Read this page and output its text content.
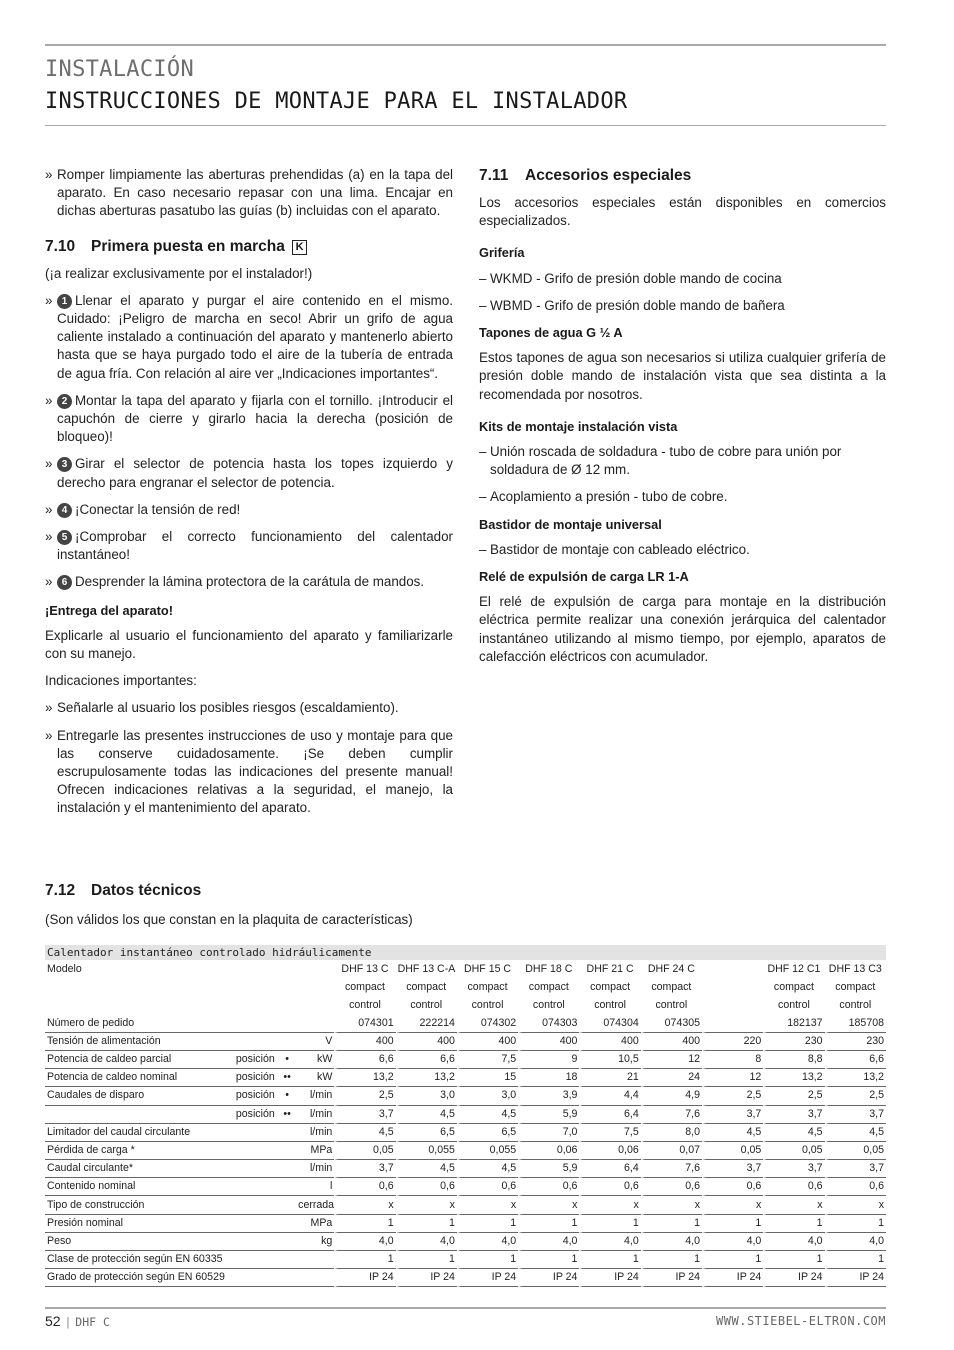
INSTALACIÓN
INSTRUCCIONES DE MONTAJE PARA EL INSTALADOR
» Romper limpiamente las aberturas prehendidas (a) en la tapa del aparato. En caso necesario repasar con una lima. Encajar en dichas aberturas pasatubo las guías (b) incluidas con el aparato.
7.10 Primera puesta en marcha K

(¡a realizar exclusivamente por el instalador!)

» 1 Llenar el aparato y purgar el aire contenido en el mismo. Cuidado: ¡Peligro de marcha en seco! Abrir un grifo de agua caliente instalado a continuación del aparato y mantenerlo abierto hasta que se haya purgado todo el aire de la tubería de entrada de agua fría. Con relación al aire ver „Indicaciones importantes“.
» 2 Montar la tapa del aparato y fijarla con el tornillo. ¡Introducir el capuchón de cierre y girarlo hacia la derecha (posición de bloqueo)!
» 3 Girar el selector de potencia hasta los topes izquierdo y derecho para engranar el selector de potencia.
» 4 ¡Conectar la tensión de red!
» 5 ¡Comprobar el correcto funcionamiento del calentador instantáneo!
» 6 Desprender la lámina protectora de la carátula de mandos.
¡Entrega del aparato!

Explicarle al usuario el funcionamiento del aparato y familiarizarle con su manejo.

Indicaciones importantes:

» Señalarle al usuario los posibles riesgos (escaldamiento).
» Entregarle las presentes instrucciones de uso y montaje para que las conserve cuidadosamente. ¡Se deben cumplir escrupulosamente todas las indicaciones del presente manual! Ofrecen indicaciones relativas a la seguridad, el manejo, la instalación y el mantenimiento del aparato.
7.11 Accesorios especiales

Los accesorios especiales están disponibles en comercios especializados.

Grifería
– WKMD - Grifo de presión doble mando de cocina
– WBMD - Grifo de presión doble mando de bañera
Tapones de agua G ½ A

Estos tapones de agua son necesarios si utiliza cualquier grifería de presión doble mando de instalación vista que sea distinta a la recomendada por nosotros.

Kits de montaje instalación vista
– Unión roscada de soldadura - tubo de cobre para unión por soldadura de Ø 12 mm.
– Acoplamiento a presión - tubo de cobre.
Bastidor de montaje universal
– Bastidor de montaje con cableado eléctrico.
Relé de expulsión de carga LR 1-A

El relé de expulsión de carga para montaje en la distribución eléctrica permite realizar una conexión jerárquica del calentador instantáneo utilizando al mismo tiempo, por ejemplo, aparatos de calefacción eléctricos con acumulador.

7.12 Datos técnicos
(Son válidos los que constan en la plaquita de características)
Calentador instantáneo controlado hidráulicamente												
Modelo				DHF 13 C	DHF 13 C-A	DHF 15 C	DHF 18 C	DHF 21 C	DHF 24 C		DHF 12 C1	DHF 13 C3
				compact	compact	compact	compact	compact	compact		compact	compact
				control	control	control	control	control	control		control	control
Número de pedido				074301	222214	074302	074303	074304	074305		182137	185708
Tensión de alimentación			V	400	400	400	400	400	400	220	230	230
Potencia de caldeo parcial	posición	•	kW	6,6	6,6	7,5	9	10,5	12	8	8,8	6,6
Potencia de caldeo nominal	posición	••	kW	13,2	13,2	15	18	21	24	12	13,2	13,2
Caudales de disparo	posición	•	l/min	2,5	3,0	3,0	3,9	4,4	4,9	2,5	2,5	2,5
	posición	••	l/min	3,7	4,5	4,5	5,9	6,4	7,6	3,7	3,7	3,7
Limitador del caudal circulante			l/min	4,5	6,5	6,5	7,0	7,5	8,0	4,5	4,5	4,5
Pérdida de carga *			MPa	0,05	0,055	0,055	0,06	0,06	0,07	0,05	0,05	0,05
Caudal circulante*			l/min	3,7	4,5	4,5	5,9	6,4	7,6	3,7	3,7	3,7
Contenido nominal			l	0,6	0,6	0,6	0,6	0,6	0,6	0,6	0,6	0,6
Tipo de construcción			cerrada	x	x	x	x	x	x	x	x	x
Presión nominal			MPa	1	1	1	1	1	1	1	1	1
Peso			kg	4,0	4,0	4,0	4,0	4,0	4,0	4,0	4,0	4,0
Clase de protección según EN 60335				1	1	1	1	1	1	1	1	1
Grado de protección según EN 60529				IP 24	IP 24	IP 24	IP 24	IP 24	IP 24	IP 24	IP 24	IP 24
52 | DHF C	WWW.STIEBEL-ELTRON.COM
